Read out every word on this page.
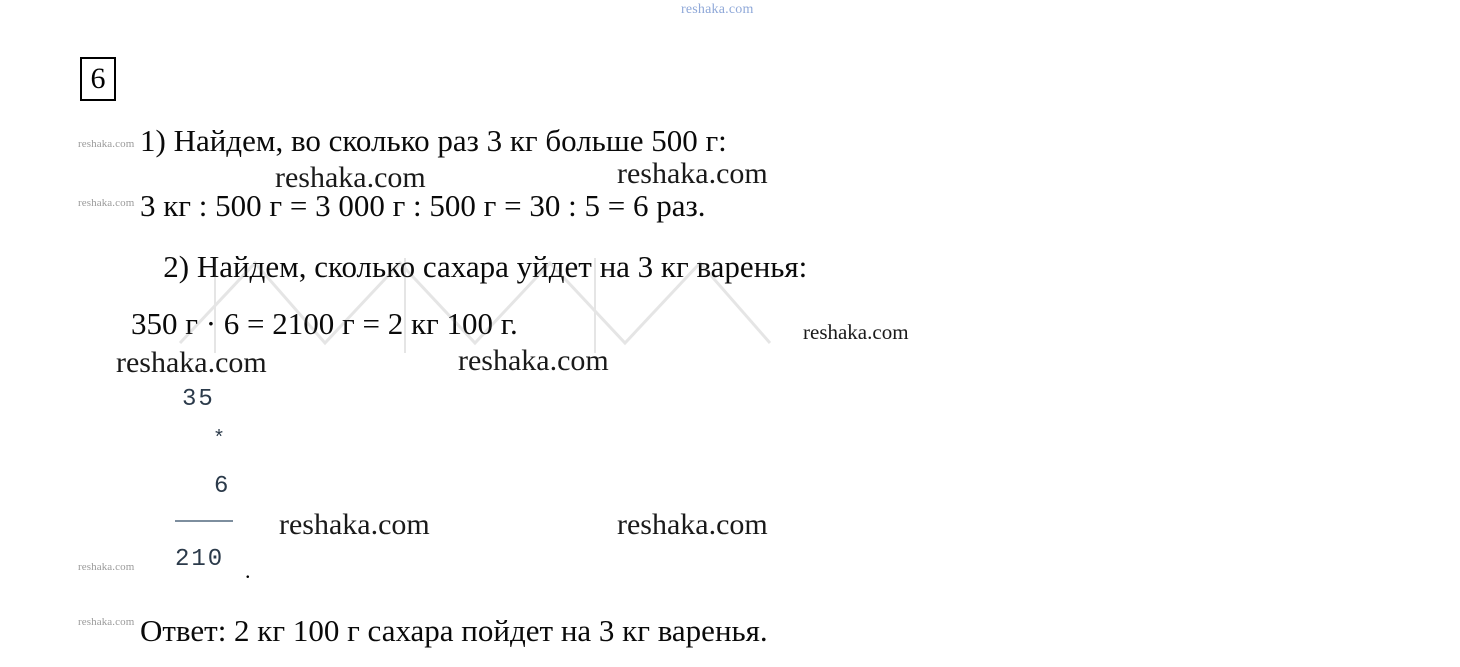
reshaka.com
6
reshaka.com
reshaka.com
reshaka.com
reshaka.com
1) Найдем, во сколько раз 3 кг больше 500 г:
3 кг : 500 г = 3 000 г : 500 г = 30 : 5 = 6 раз.
2) Найдем, сколько сахара уйдет на 3 кг варенья:
350 г · 6 = 2100 г = 2 кг 100 г.
reshaka.com	reshaka.com
reshaka.com	reshaka.com
reshaka.com	reshaka.com
reshaka.com
35
*
6
210 .
Ответ: 2 кг 100 г сахара пойдет на 3 кг варенья.
